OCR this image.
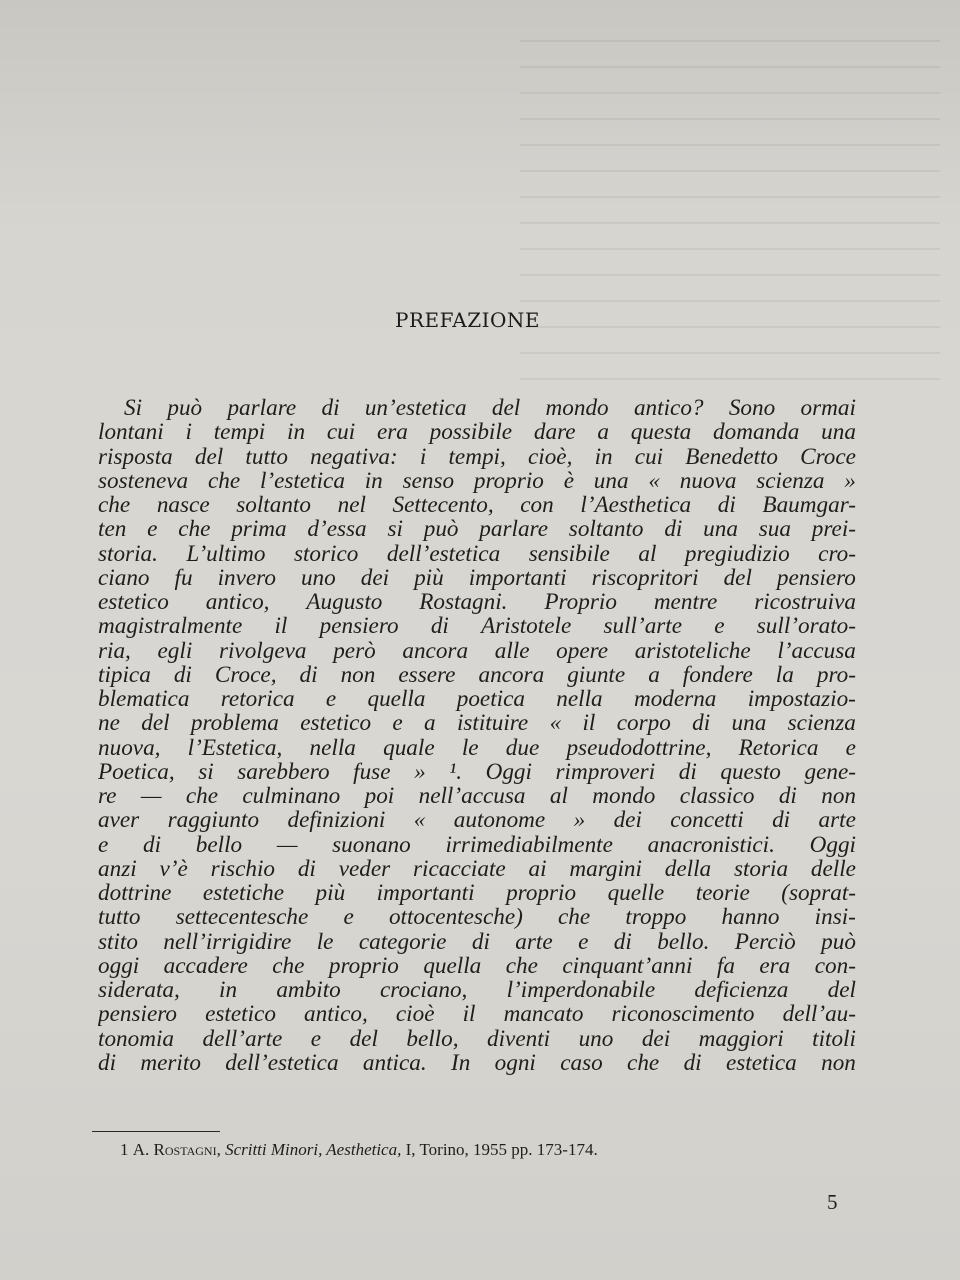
PREFAZIONE
Si può parlare di un’estetica del mondo antico? Sono ormai
lontani i tempi in cui era possibile dare a questa domanda una
risposta del tutto negativa: i tempi, cioè, in cui Benedetto Croce
sosteneva che l’estetica in senso proprio è una « nuova scienza »
che nasce soltanto nel Settecento, con l’Aesthetica di Baumgar-
ten e che prima d’essa si può parlare soltanto di una sua prei-
storia. L’ultimo storico dell’estetica sensibile al pregiudizio cro-
ciano fu invero uno dei più importanti riscopritori del pensiero
estetico antico, Augusto Rostagni. Proprio mentre ricostruiva
magistralmente il pensiero di Aristotele sull’arte e sull’orato-
ria, egli rivolgeva però ancora alle opere aristoteliche l’accusa
tipica di Croce, di non essere ancora giunte a fondere la pro-
blematica retorica e quella poetica nella moderna impostazio-
ne del problema estetico e a istituire « il corpo di una scienza
nuova, l’Estetica, nella quale le due pseudodottrine, Retorica e
Poetica, si sarebbero fuse » ¹. Oggi rimproveri di questo gene-
re — che culminano poi nell’accusa al mondo classico di non
aver raggiunto definizioni « autonome » dei concetti di arte
e di bello — suonano irrimediabilmente anacronistici. Oggi
anzi v’è rischio di veder ricacciate ai margini della storia delle
dottrine estetiche più importanti proprio quelle teorie (soprat-
tutto settecentesche e ottocentesche) che troppo hanno insi-
stito nell’irrigidire le categorie di arte e di bello. Perciò può
oggi accadere che proprio quella che cinquant’anni fa era con-
siderata, in ambito crociano, l’imperdonabile deficienza del
pensiero estetico antico, cioè il mancato riconoscimento dell’au-
tonomia dell’arte e del bello, diventi uno dei maggiori titoli
di merito dell’estetica antica. In ogni caso che di estetica non
1 A. Rostagni, Scritti Minori, Aesthetica, I, Torino, 1955 pp. 173-174.
5
